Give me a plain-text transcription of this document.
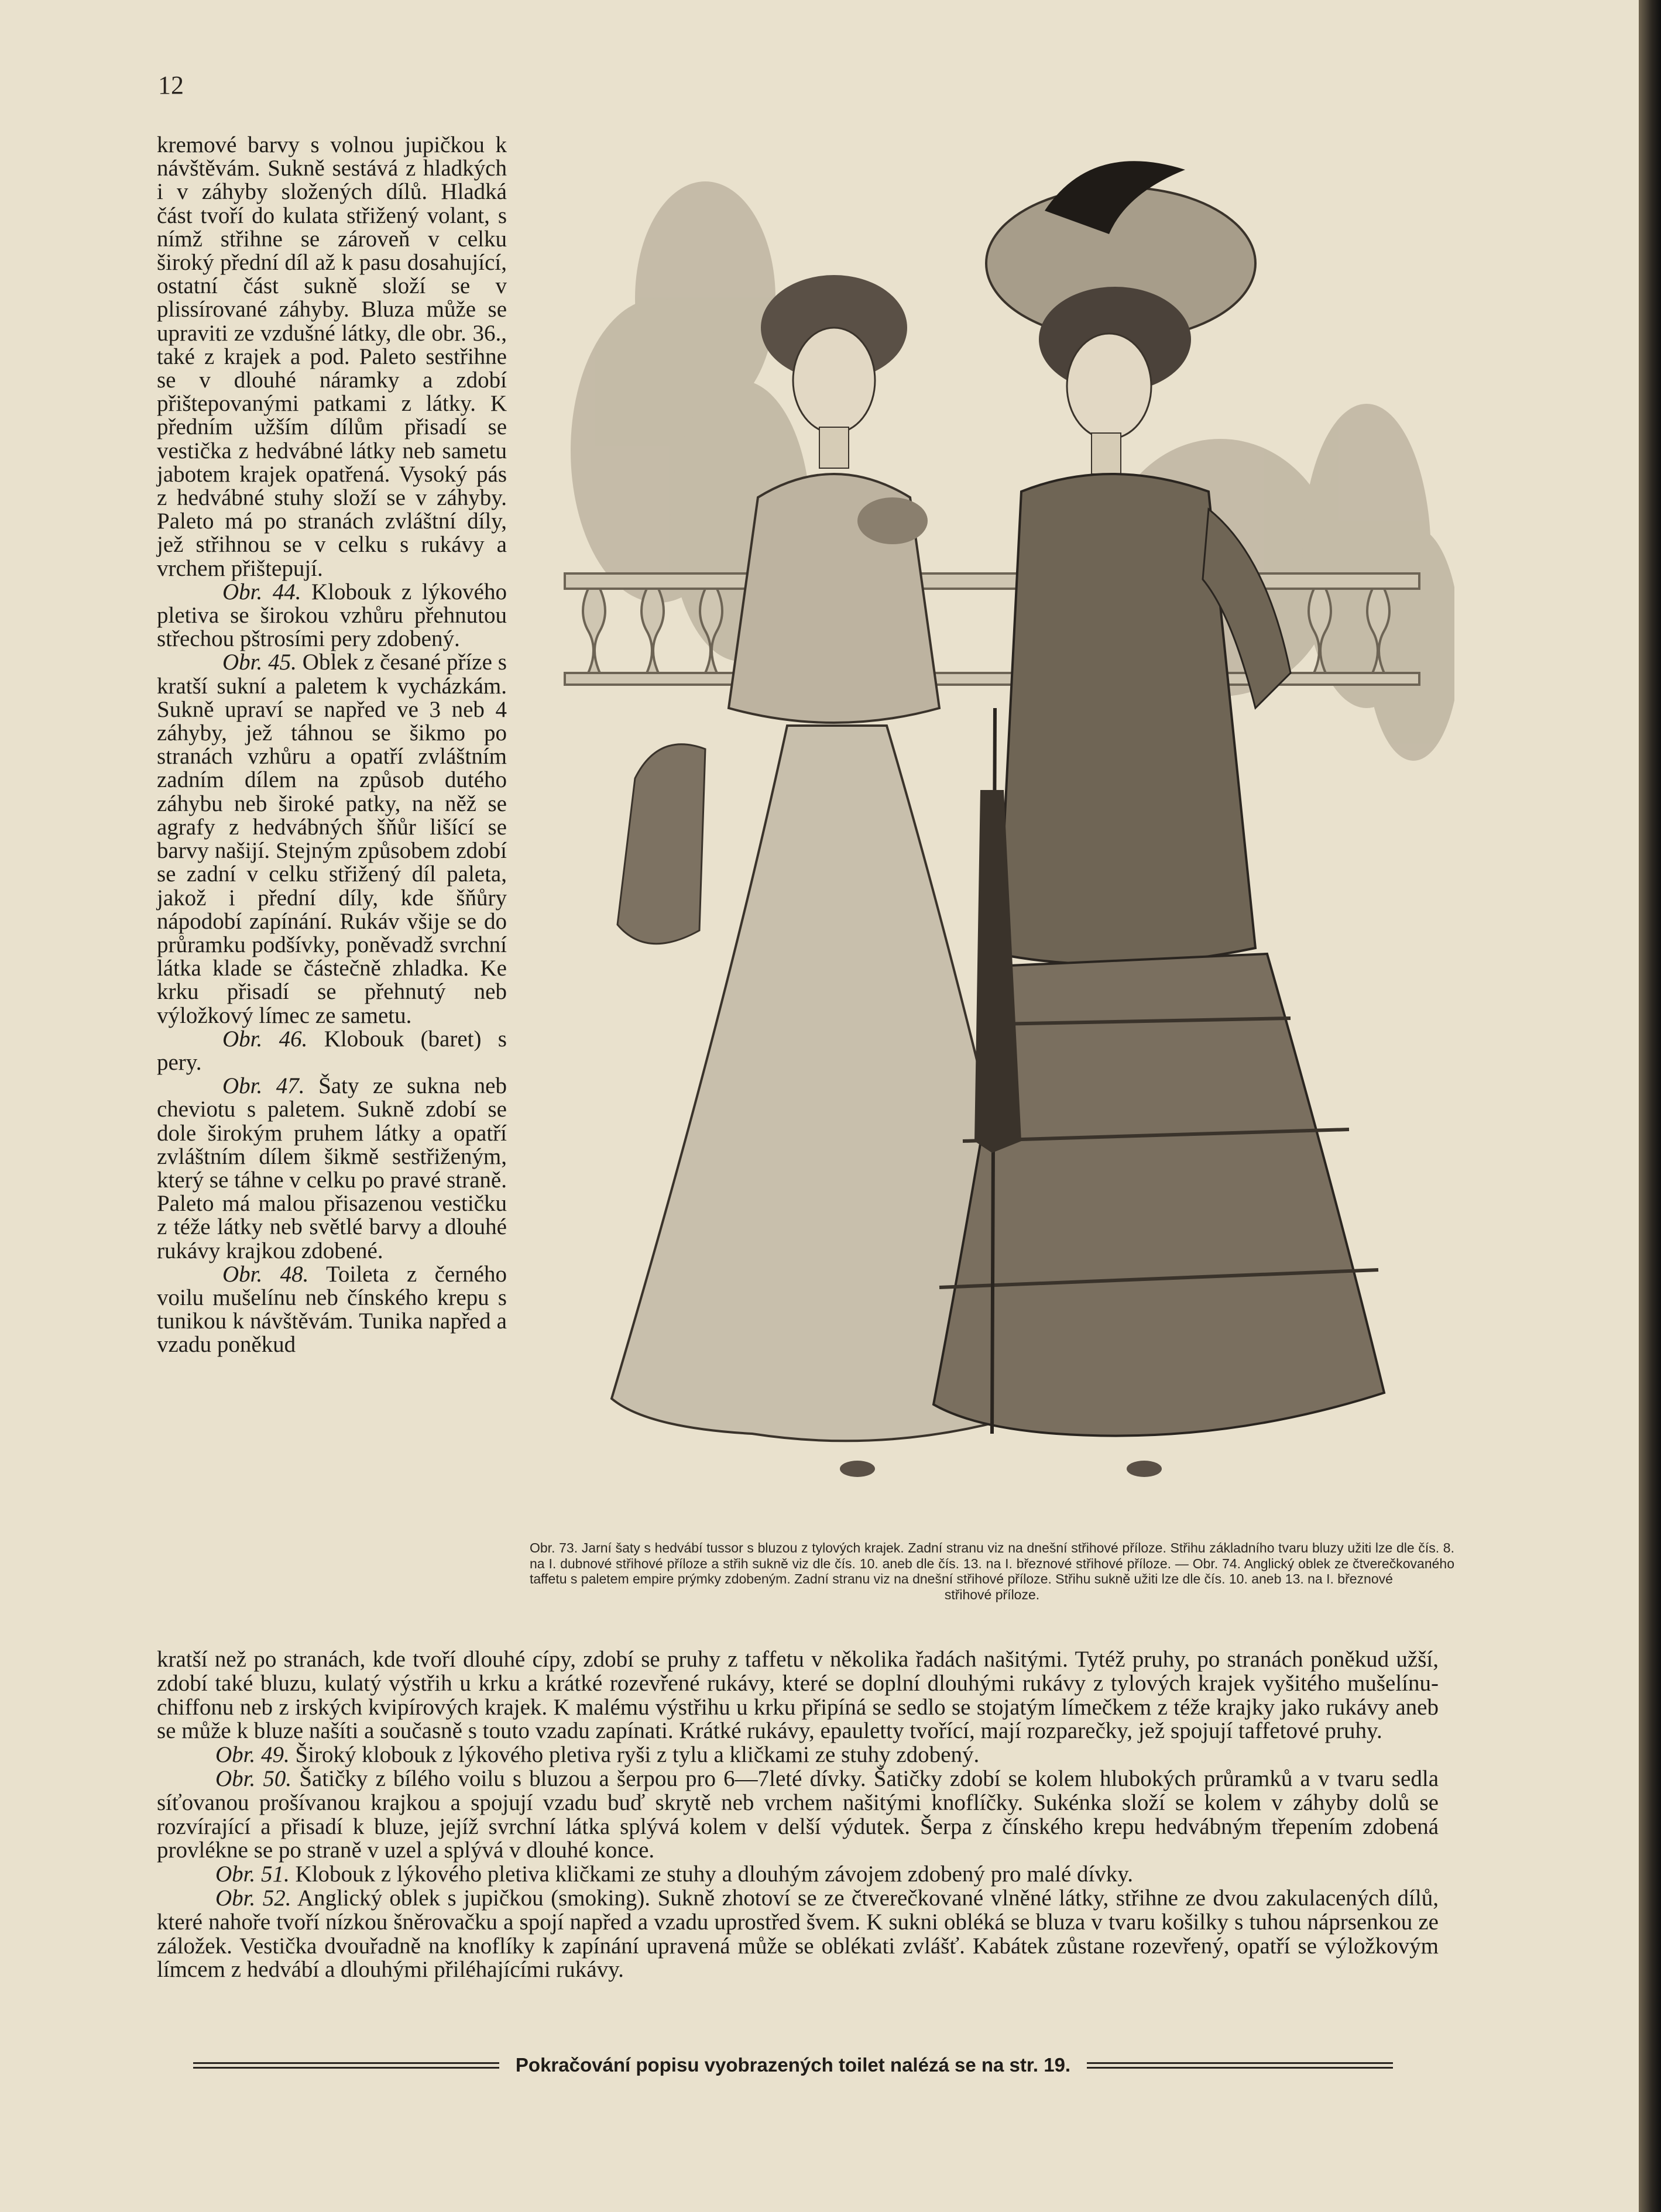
12

kremové barvy s volnou jupičkou k návštěvám. Sukně sestává z hladkých i v záhyby složených dílů. Hladká část tvoří do kulata střižený volant, s nímž střihne se zároveň v celku široký přední díl až k pasu dosahující, ostatní část sukně složí se v plissírované záhyby. Bluza může se upraviti ze vzdušné látky, dle obr. 36., také z krajek a pod. Paleto sestřihne se v dlouhé náramky a zdobí přištepovanými patkami z látky. K předním užším dílům přisadí se vestička z hedvábné látky neb sametu jabotem krajek opatřená. Vysoký pás z hedvábné stuhy složí se v záhyby. Paleto má po stranách zvláštní díly, jež střihnou se v celku s rukávy a vrchem přištepují.

Obr. 44. Klobouk z lýkového pletiva se širokou vzhůru přehnutou střechou pštrosími pery zdobený.

Obr. 45. Oblek z česané příze s kratší sukní a paletem k vycházkám. Sukně upraví se napřed ve 3 neb 4 záhyby, jež táhnou se šikmo po stranách vzhůru a opatří zvláštním zadním dílem na způsob dutého záhybu neb široké patky, na něž se agrafy z hedvábných šňůr lišící se barvy našijí. Stejným způsobem zdobí se zadní v celku střižený díl paleta, jakož i přední díly, kde šňůry nápodobí zapínání. Rukáv všije se do průramku podšívky, poněvadž svrchní látka klade se částečně zhladka. Ke krku přisadí se přehnutý neb výložkový límec ze sametu.

Obr. 46. Klobouk (baret) s pery.

Obr. 47. Šaty ze sukna neb cheviotu s paletem. Sukně zdobí se dole širokým pruhem látky a opatří zvláštním dílem šikmě sestřiženým, který se táhne v celku po pravé straně. Paleto má malou přisazenou vestičku z téže látky neb světlé barvy a dlouhé rukávy krajkou zdobené.

Obr. 48. Toileta z černého voilu mušelínu neb čínského krepu s tunikou k návštěvám. Tunika napřed a vzadu poněkud

Obr. 73. Jarní šaty s hedvábí tussor s bluzou z tylových krajek. Zadní stranu viz na dnešní střihové příloze. Střihu základního tvaru bluzy užiti lze dle čís. 8. na I. dubnové střihové příloze a střih sukně viz dle čís. 10. aneb dle čís. 13. na I. březnové střihové příloze. — Obr. 74. Anglický oblek ze čtverečkovaného taffetu s paletem empire prýmky zdobeným. Zadní stranu viz na dnešní střihové příloze. Střihu sukně užiti lze dle čís. 10. aneb 13. na I. březnové
střihové příloze.

kratší než po stranách, kde tvoří dlouhé cípy, zdobí se pruhy z taffetu v několika řadách našitými. Tytéž pruhy, po stranách poněkud užší, zdobí také bluzu, kulatý výstřih u krku a krátké rozevřené rukávy, které se doplní dlouhými rukávy z tylových krajek vyšitého mušelínu-chiffonu neb z irských kvipírových krajek. K malému výstřihu u krku připíná se sedlo se stojatým límečkem z téže krajky jako rukávy aneb se může k bluze našíti a současně s touto vzadu zapínati. Krátké rukávy, epauletty tvořící, mají rozparečky, jež spojují taffetové pruhy.

Obr. 49. Široký klobouk z lýkového pletiva ryši z tylu a kličkami ze stuhy zdobený.

Obr. 50. Šatičky z bílého voilu s bluzou a šerpou pro 6—7leté dívky. Šatičky zdobí se kolem hlubokých průramků a v tvaru sedla síťovanou prošívanou krajkou a spojují vzadu buď skrytě neb vrchem našitými knoflíčky. Sukénka složí se kolem v záhyby dolů se rozvírající a přisadí k bluze, jejíž svrchní látka splývá kolem v delší výdutek. Šerpa z čínského krepu hedvábným třepením zdobená provlékne se po straně v uzel a splývá v dlouhé konce.

Obr. 51. Klobouk z lýkového pletiva kličkami ze stuhy a dlouhým závojem zdobený pro malé dívky.

Obr. 52. Anglický oblek s jupičkou (smoking). Sukně zhotoví se ze čtverečkované vlněné látky, střihne ze dvou zakulacených dílů, které nahoře tvoří nízkou šněrovačku a spojí napřed a vzadu uprostřed švem. K sukni obléká se bluza v tvaru košilky s tuhou náprsenkou ze záložek. Vestička dvouřadně na knoflíky k zapínání upravená může se oblékati zvlášť. Kabátek zůstane rozevřený, opatří se výložkovým límcem z hedvábí a dlouhými přiléhajícími rukávy.

Pokračování popisu vyobrazených toilet nalézá se na str. 19.
